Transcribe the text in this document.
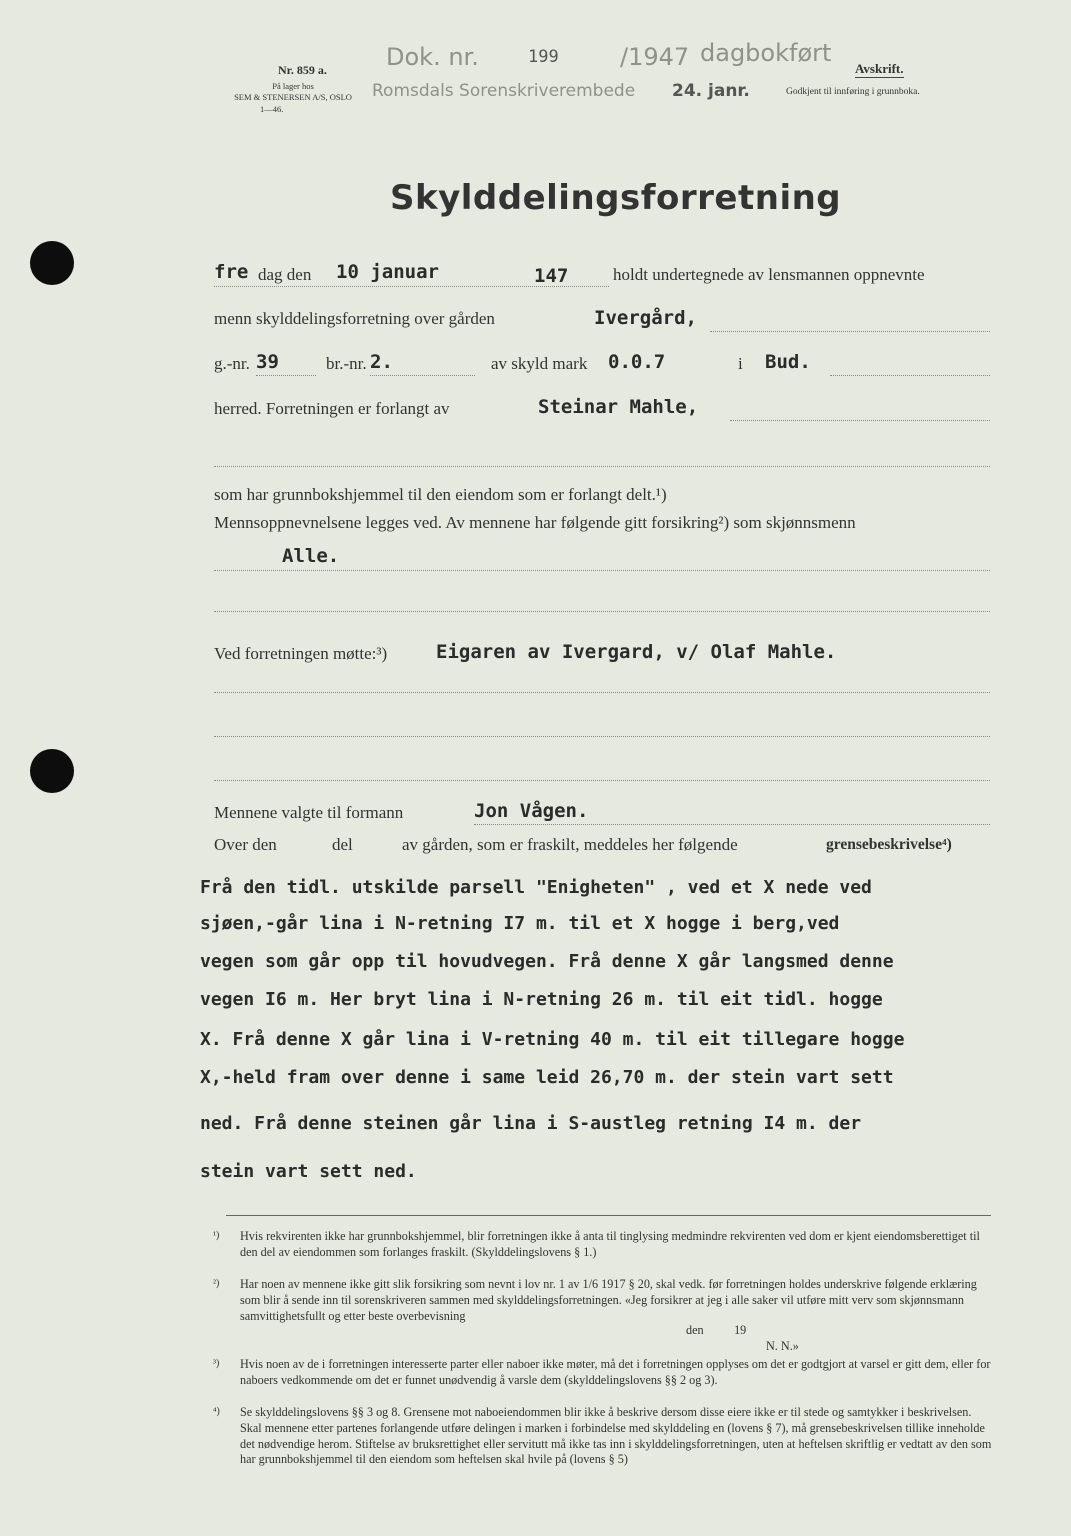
Nr. 859 a.
På lager hos
SEM & STENERSEN A/S, OSLO
1—46.
Dok. nr.	199	/1947 dagbokført
Romsdals Sorenskriverembede 24. janr.	Godkjent til innføring i grunnboka.
Avskrift.
Skylddelingsforretning
fre dag den 10 januar	147	holdt undertegnede av lensmannen oppnevnte
menn skylddelingsforretning over gården	Ivergård,
g.-nr. 39	br.-nr. 2.	av skyld mark 0.0.7	i Bud.
herred. Forretningen er forlangt av	Steinar Mahle,
som har grunnbokshjemmel til den eiendom som er forlangt delt.¹)
Mennsoppnevnelsene legges ved. Av mennene har følgende gitt forsikring²) som skjønnsmenn
Alle.
Ved forretningen møtte:³)	Eigaren av Ivergard, v/ Olaf Mahle.
Mennene valgte til formann	Jon Vågen.
Over den	del	av gården, som er fraskilt, meddeles her følgende	grensebeskrivelse⁴)
Frå den tidl. utskilde parsell "Enigheten" , ved et X nede ved
sjøen,-går lina i N-retning I7 m. til et X hogge i berg,ved
vegen som går opp til hovudvegen. Frå denne X går langsmed denne
vegen I6 m. Her bryt lina i N-retning 26 m. til eit tidl. hogge
X. Frå denne X går lina i V-retning 40 m. til eit tillegare hogge
X,-held fram over denne i same leid 26,70 m. der stein vart sett
ned. Frå denne steinen går lina i S-austleg retning I4 m. der
stein vart sett ned.
¹) Hvis rekvirenten ikke har grunnbokshjemmel, blir forretningen ikke å anta til tinglysing medmindre rekvirenten ved dom er kjent eiendomsberettiget til den del av eiendommen som forlanges fraskilt. (Skylddelingslovens § 1.)
²) Har noen av mennene ikke gitt slik forsikring som nevnt i lov nr. 1 av 1/6 1917 § 20, skal vedk. før forretningen holdes underskrive følgende erklæring som blir å sende inn til sorenskriveren sammen med skylddelingsforretningen. «Jeg forsikrer at jeg i alle saker vil utføre mitt verv som skjønnsmann samvittighetsfullt og etter beste overbevisning
den          19
N. N.»
³) Hvis noen av de i forretningen interesserte parter eller naboer ikke møter, må det i forretningen opplyses om det er godtgjort at varsel er gitt dem, eller for naboers vedkommende om det er funnet unødvendig å varsle dem (skylddelingslovens §§ 2 og 3).
⁴) Se skylddelingslovens §§ 3 og 8. Grensene mot naboeiendommen blir ikke å beskrive dersom disse eiere ikke er til stede og samtykker i beskrivelsen. Skal mennene etter partenes forlangende utføre delingen i marken i forbindelse med skylddeling en (lovens § 7), må grensebeskrivelsen tillike inneholde det nødvendige herom. Stiftelse av bruksrettighet eller servitutt må ikke tas inn i skylddelingsforretningen, uten at heftelsen skriftlig er vedtatt av den som har grunnbokshjemmel til den eiendom som heftelsen skal hvile på (lovens § 5)
